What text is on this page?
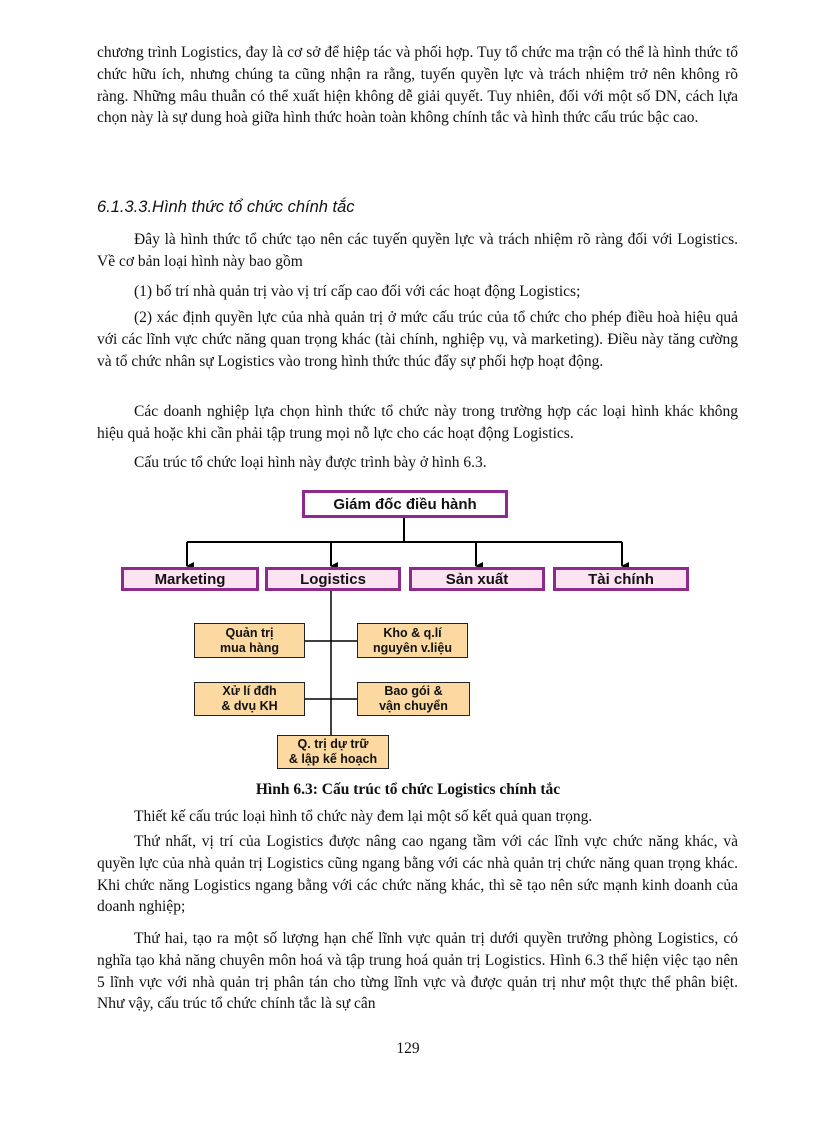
chương trình Logistics, đay là cơ sở để hiệp tác và phối hợp. Tuy tổ chức ma trận có thể là hình thức tổ chức hữu ích, nhưng chúng ta cũng nhận ra rằng, tuyến quyền lực và trách nhiệm trở nên không rõ ràng. Những mâu thuẫn có thể xuất hiện không dễ giải quyết. Tuy nhiên, đối với một số DN, cách lựa chọn này là sự dung hoà giữa hình thức hoàn toàn không chính tắc và hình thức cấu trúc bậc cao.

6.1.3.3.Hình thức tổ chức chính tắc

Đây là hình thức tổ chức tạo nên các tuyến quyền lực và trách nhiệm rõ ràng đối với Logistics. Về cơ bản loại hình này bao gồm

(1) bố trí nhà quản trị vào vị trí cấp cao đối với các hoạt động Logistics;

(2) xác định quyền lực của nhà quản trị ở mức cấu trúc của tổ chức cho phép điều hoà hiệu quả với các lĩnh vực chức năng quan trọng khác (tài chính, nghiệp vụ, và marketing). Điều này tăng cường và tổ chức nhân sự Logistics vào trong hình thức thúc đẩy sự phối hợp hoạt động.

Các doanh nghiệp lựa chọn hình thức tổ chức này trong trường hợp các loại hình khác không hiệu quả hoặc khi cần phải tập trung mọi nỗ lực cho các hoạt động Logistics.

Cấu trúc tổ chức loại hình này được trình bày ở hình 6.3.

Giám đốc điều hành
Marketing	Logistics	Sản xuất	Tài chính
Quản trị
mua hàng
Kho & q.lí
nguyên v.liệu
Xử lí đđh
& dvụ KH
Bao gói &
vận chuyển
Q. trị dự trữ
& lập kế hoạch

Hình 6.3: Cấu trúc tổ chức Logistics chính tắc

Thiết kế cấu trúc loại hình tổ chức này đem lại một số kết quả quan trọng.

Thứ nhất, vị trí của Logistics được nâng cao ngang tầm với các lĩnh vực chức năng khác, và quyền lực của nhà quản trị Logistics cũng ngang bằng với các nhà quản trị chức năng quan trọng khác. Khi chức năng Logistics ngang bằng với các chức năng khác, thì sẽ tạo nên sức mạnh kinh doanh của doanh nghiệp;

Thứ hai, tạo ra một số lượng hạn chế lĩnh vực quản trị dưới quyền trưởng phòng Logistics, có nghĩa tạo khả năng chuyên môn hoá và tập trung hoá quản trị Logistics. Hình 6.3 thể hiện việc tạo nên 5 lĩnh vực với nhà quản trị phân tán cho từng lĩnh vực và được quản trị như một thực thể phân biệt. Như vậy, cấu trúc tổ chức chính tắc là sự cân

129
